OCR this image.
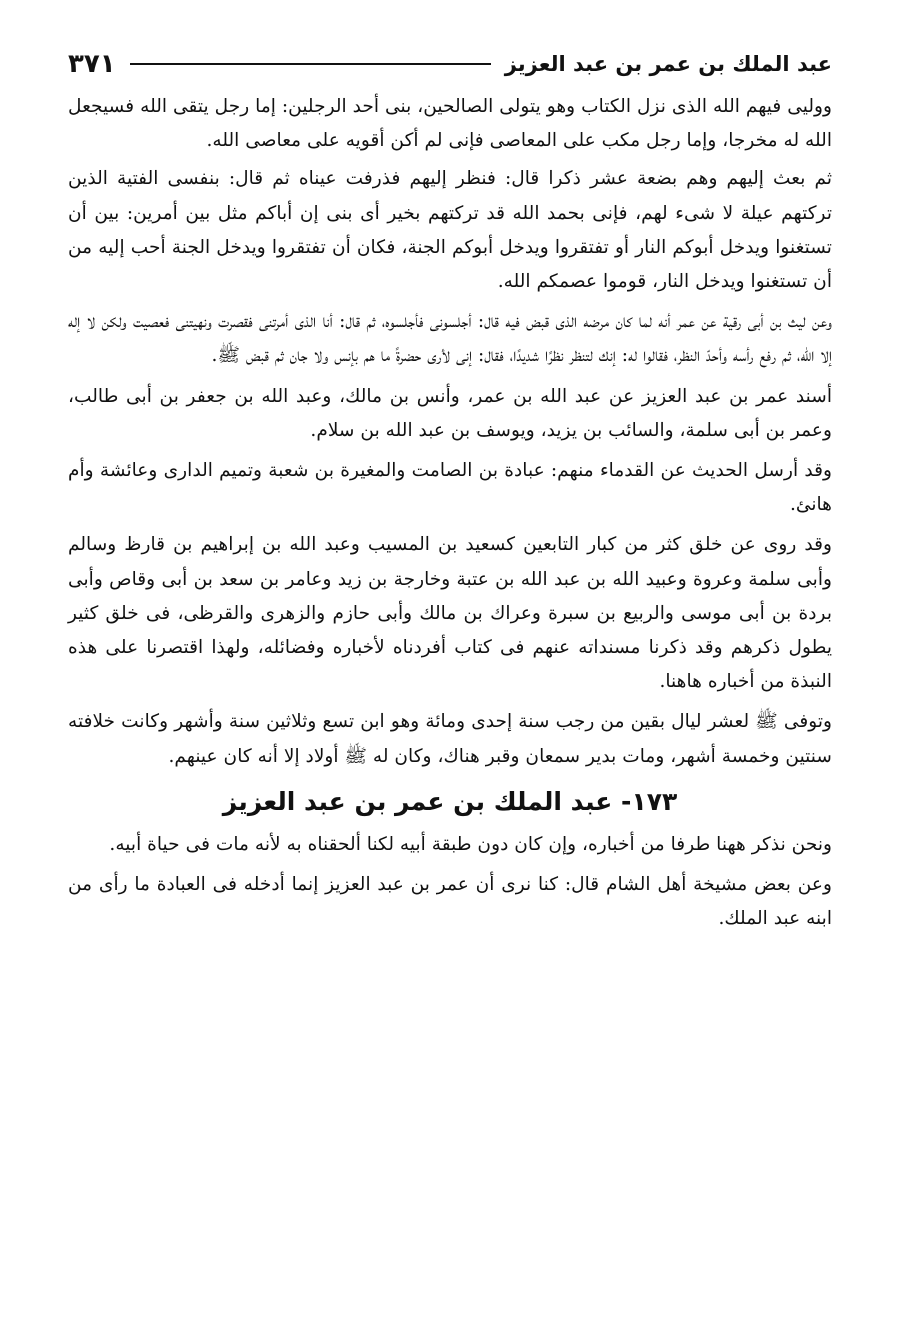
عبد الملك بن عمر بن عبد العزيز
٣٧١

ووليى فيهم الله الذى نزل الكتاب وهو يتولى الصالحين، بنى أحد الرجلين: إما رجل يتقى الله فسيجعل الله له مخرجا، وإما رجل مكب على المعاصى فإنى لم أكن أقويه على معاصى الله.

ثم بعث إليهم وهم بضعة عشر ذكرا قال: فنظر إليهم فذرفت عيناه ثم قال: بنفسى الفتية الذين تركتهم عيلة لا شىء لهم، فإنى بحمد الله قد تركتهم بخير أى بنى إن أباكم مثل بين أمرين: بين أن تستغنوا ويدخل أبوكم النار أو تفتقروا ويدخل أبوكم الجنة، فكان أن تفتقروا ويدخل الجنة أحب إليه من أن تستغنوا ويدخل النار، قوموا عصمكم الله.

وعن ليث بن أبى رقية عن عمر أنه لما كان مرضه الذى قبض فيه قال: أجلسونى فأجلسوه، ثم قال: أنا الذى أمرتنى فقصرت ونهيتنى فعصيت ولكن لا إله إلا الله، ثم رفع رأسه وأحدّ النظر، فقالوا له: إنك لتنظر نظرًا شديدًا، فقال: إنى لأرى حضرةً ما هم بإنس ولا جان ثم قبض ﷺ.

أسند عمر بن عبد العزيز عن عبد الله بن عمر، وأنس بن مالك، وعبد الله بن جعفر بن أبى طالب، وعمر بن أبى سلمة، والسائب بن يزيد، ويوسف بن عبد الله بن سلام.

وقد أرسل الحديث عن القدماء منهم: عبادة بن الصامت والمغيرة بن شعبة وتميم الدارى وعائشة وأم هانئ.

وقد روى عن خلق كثر من كبار التابعين كسعيد بن المسيب وعبد الله بن إبراهيم بن قارظ وسالم وأبى سلمة وعروة وعبيد الله بن عبد الله بن عتبة وخارجة بن زيد وعامر بن سعد بن أبى وقاص وأبى بردة بن أبى موسى والربيع بن سبرة وعراك بن مالك وأبى حازم والزهرى والقرظى، فى خلق كثير يطول ذكرهم وقد ذكرنا مسنداته عنهم فى كتاب أفردناه لأخباره وفضائله، ولهذا اقتصرنا على هذه النبذة من أخباره هاهنا.

وتوفى ﷺ لعشر ليال بقين من رجب سنة إحدى ومائة وهو ابن تسع وثلاثين سنة وأشهر وكانت خلافته سنتين وخمسة أشهر، ومات بدير سمعان وقبر هناك، وكان له ﷺ أولاد إلا أنه كان عينهم.

١٧٣- عبد الملك بن عمر بن عبد العزيز

ونحن نذكر ههنا طرفا من أخباره، وإن كان دون طبقة أبيه لكنا ألحقناه به لأنه مات فى حياة أبيه.

وعن بعض مشيخة أهل الشام قال: كنا نرى أن عمر بن عبد العزيز إنما أدخله فى العبادة ما رأى من ابنه عبد الملك.
